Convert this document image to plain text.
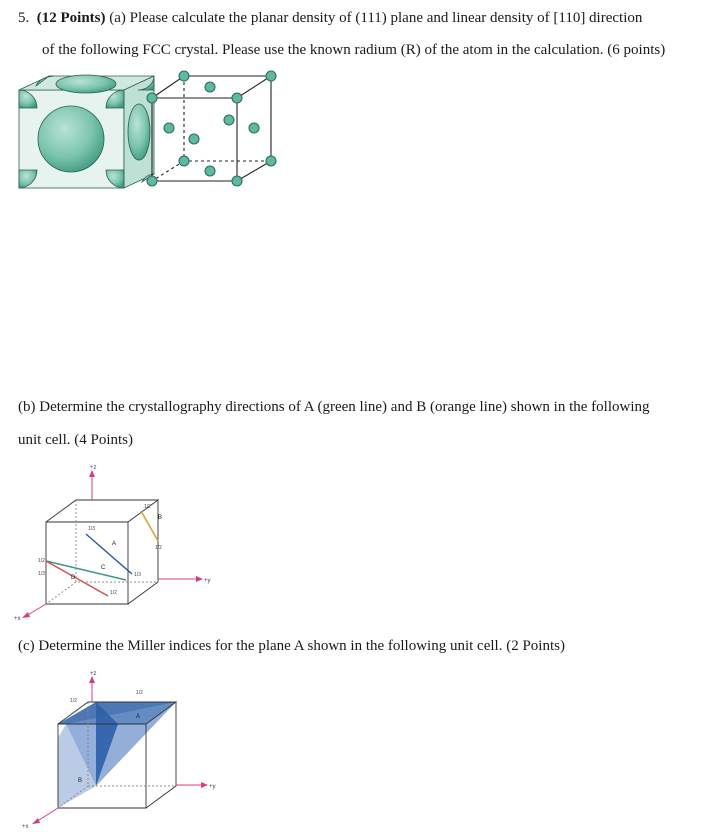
5. (12 Points) (a) Please calculate the planar density of (111) plane and linear density of [110] direction
of the following FCC crystal. Please use the known radium (R) of the atom in the calculation. (6 points)
(b) Determine the crystallography directions of A (green line) and B (orange line) shown in the following
unit cell. (4 Points)
+z
+y
+x
A
B
C
D
1/3
1/2
1/2
1/2
1/3	1/3
1/2
(c) Determine the Miller indices for the plane A shown in the following unit cell. (2 Points)
+z
+y
+x
A
B
1/2
1/2
